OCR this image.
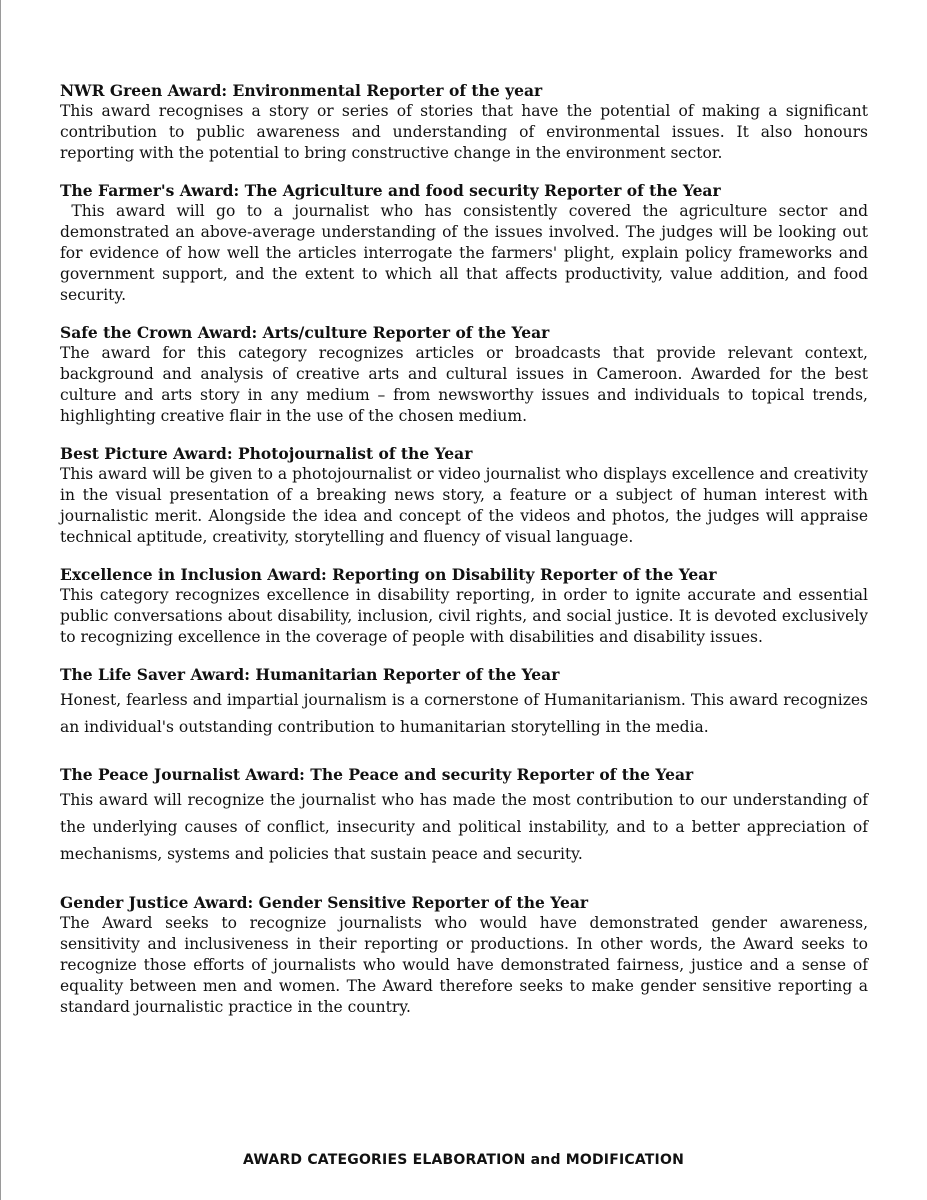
NWR Green Award: Environmental Reporter of the year

This award recognises a story or series of stories that have the potential of making a significant contribution to public awareness and understanding of environmental issues. It also honours reporting with the potential to bring constructive change in the environment sector.

The Farmer's Award: The Agriculture and food security Reporter of the Year

This award will go to a journalist who has consistently covered the agriculture sector and demonstrated an above-average understanding of the issues involved. The judges will be looking out for evidence of how well the articles interrogate the farmers' plight, explain policy frameworks and government support, and the extent to which all that affects productivity, value addition, and food security.

Safe the Crown Award: Arts/culture Reporter of the Year

The award for this category recognizes articles or broadcasts that provide relevant context, background and analysis of creative arts and cultural issues in Cameroon. Awarded for the best culture and arts story in any medium – from newsworthy issues and individuals to topical trends, highlighting creative flair in the use of the chosen medium.

Best Picture Award: Photojournalist of the Year

This award will be given to a photojournalist or video journalist who displays excellence and creativity in the visual presentation of a breaking news story, a feature or a subject of human interest with journalistic merit. Alongside the idea and concept of the videos and photos, the judges will appraise technical aptitude, creativity, storytelling and fluency of visual language.

Excellence in Inclusion Award: Reporting on Disability Reporter of the Year

This category recognizes excellence in disability reporting, in order to ignite accurate and essential public conversations about disability, inclusion, civil rights, and social justice. It is devoted exclusively to recognizing excellence in the coverage of people with disabilities and disability issues.

The Life Saver Award: Humanitarian Reporter of the Year

Honest, fearless and impartial journalism is a cornerstone of Humanitarianism. This award recognizes an individual's outstanding contribution to humanitarian storytelling in the media.

The Peace Journalist Award: The Peace and security Reporter of the Year

This award will recognize the journalist who has made the most contribution to our understanding of the underlying causes of conflict, insecurity and political instability, and to a better appreciation of mechanisms, systems and policies that sustain peace and security.

Gender Justice Award: Gender Sensitive Reporter of the Year

The Award seeks to recognize journalists who would have demonstrated gender awareness, sensitivity and inclusiveness in their reporting or productions. In other words, the Award seeks to recognize those efforts of journalists who would have demonstrated fairness, justice and a sense of equality between men and women. The Award therefore seeks to make gender sensitive reporting a standard journalistic practice in the country.

AWARD CATEGORIES ELABORATION and MODIFICATION
